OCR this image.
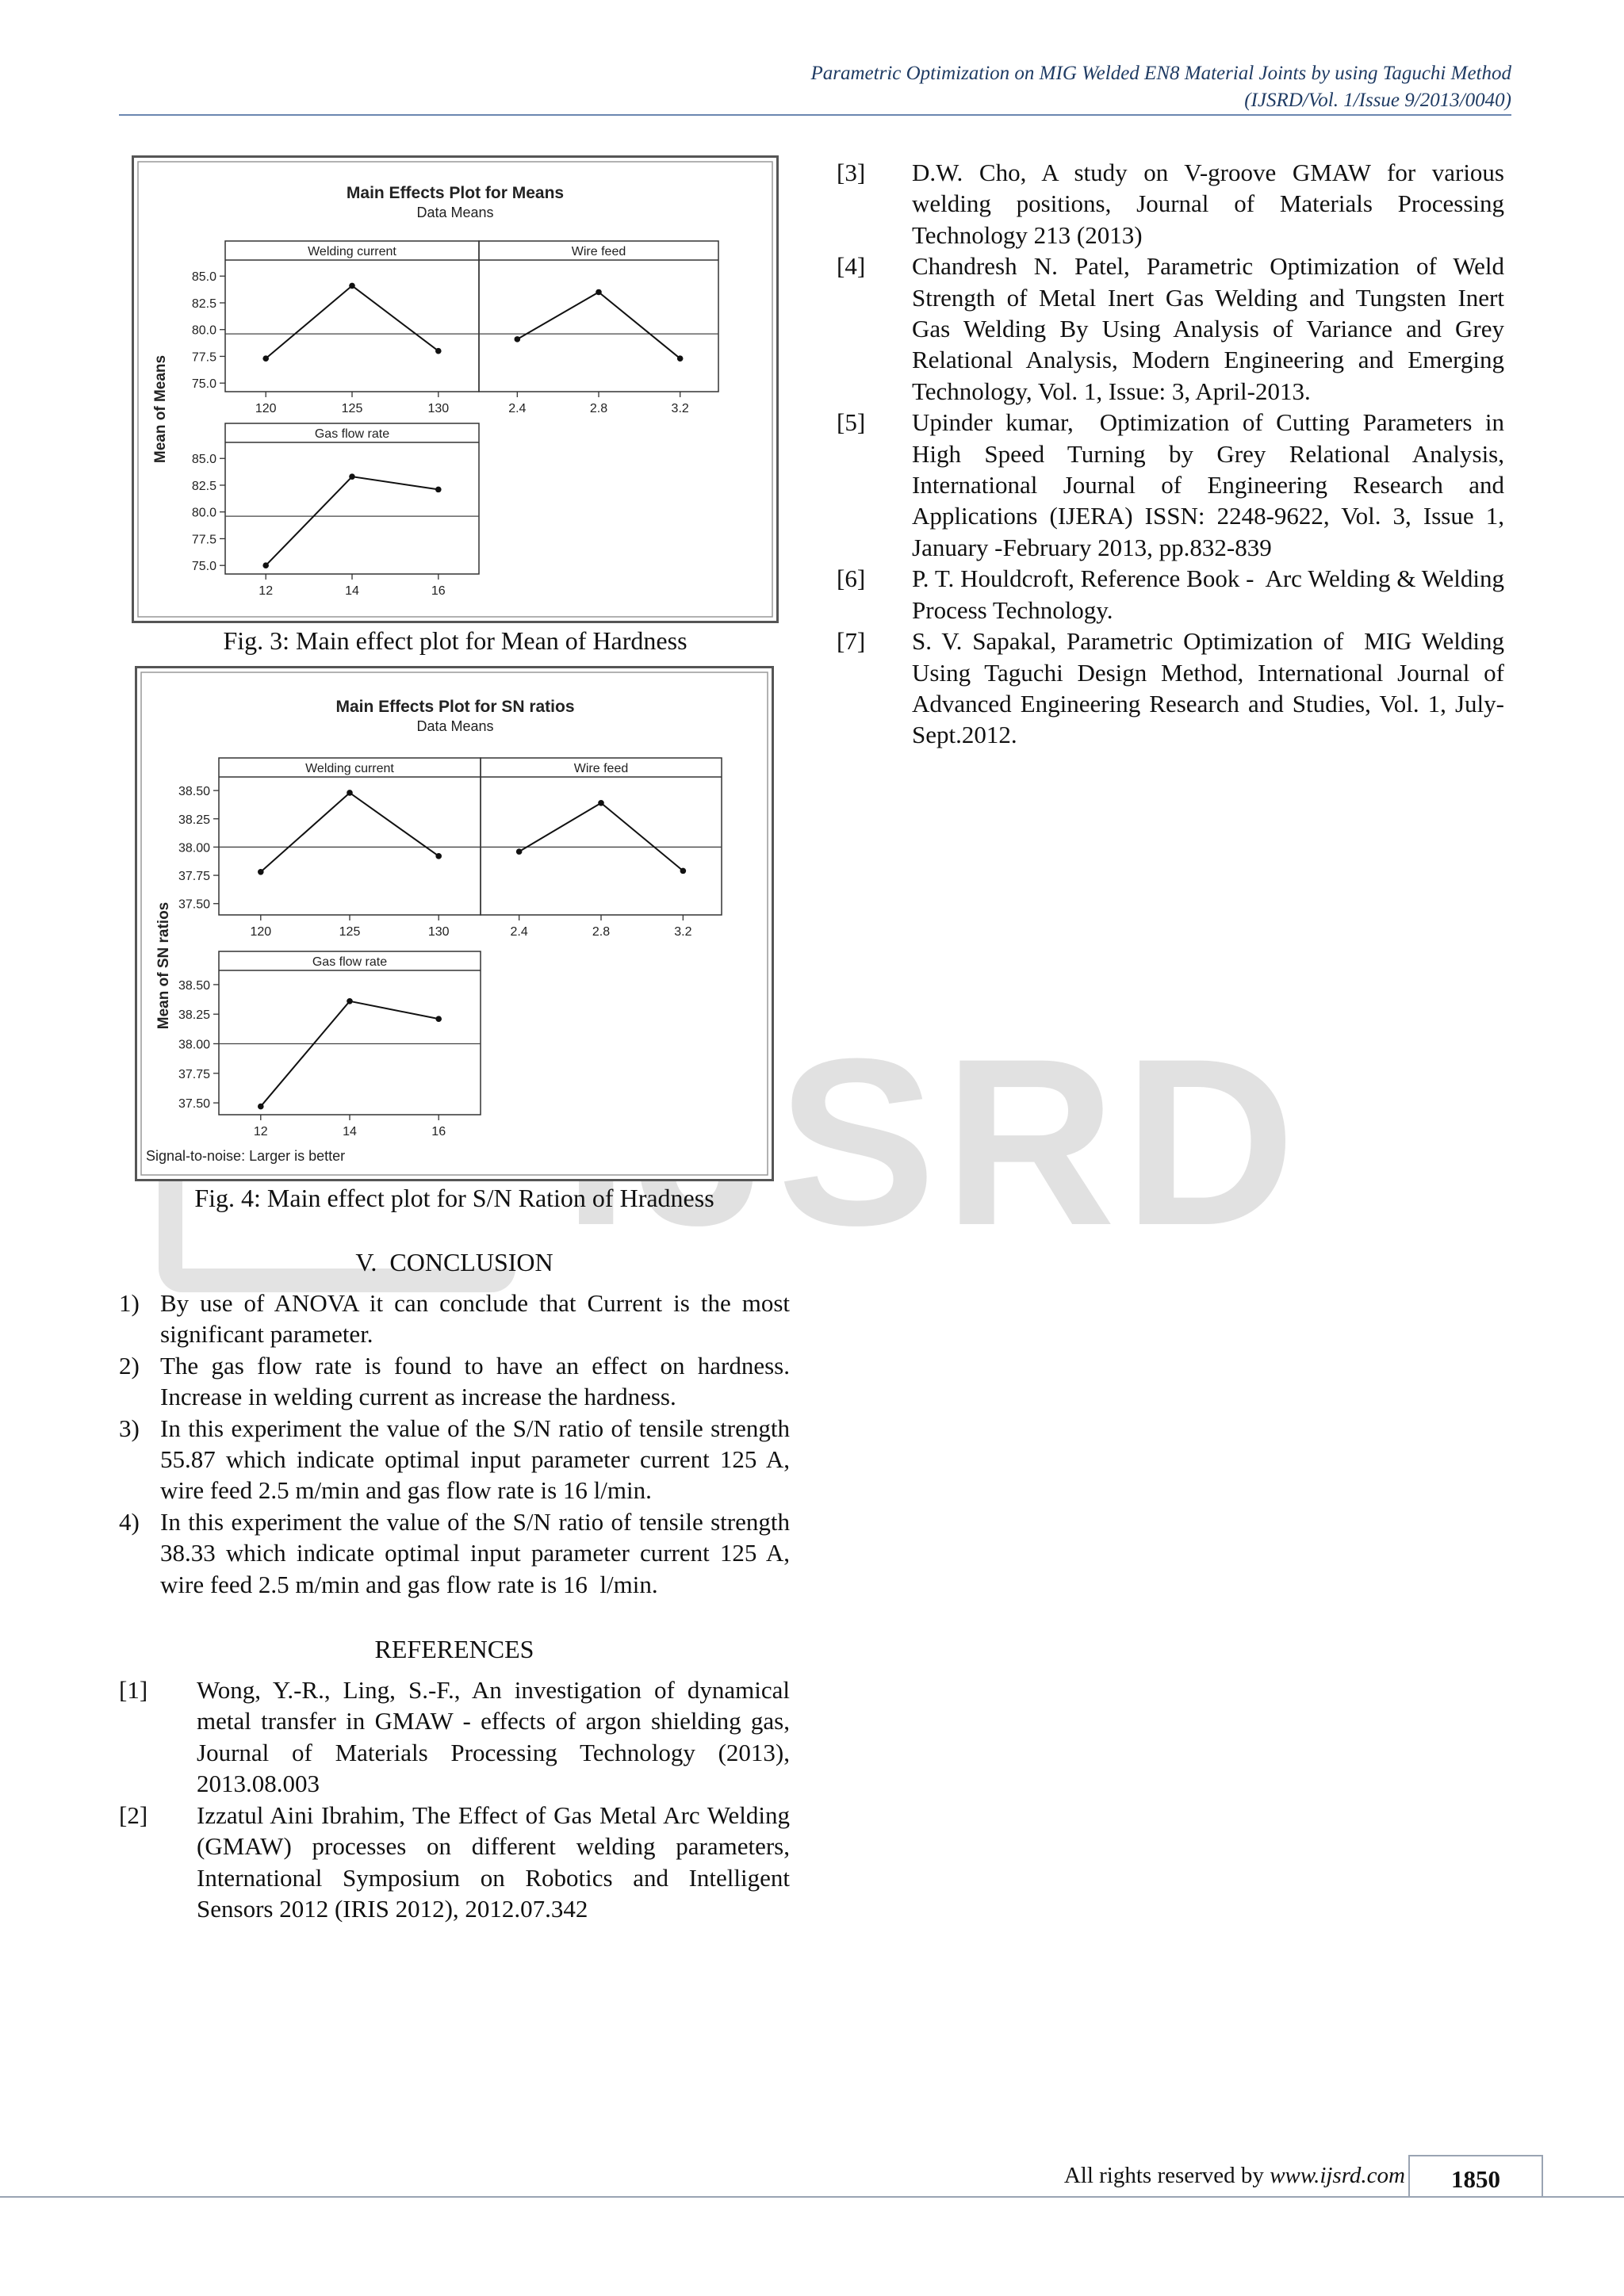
Parametric Optimization on MIG Welded EN8 Material Joints by using Taguchi Method
(IJSRD/Vol. 1/Issue 9/2013/0040)
IJSRD
Main Effects Plot for Means
Data Means
Mean of Means
Welding current
75.0
77.5
80.0
82.5
85.0
120	125	130
Wire feed
2.4	2.8	3.2
Gas flow rate
75.0
77.5
80.0
82.5
85.0
12	14	16
Fig. 3: Main effect plot for Mean of Hardness
Main Effects Plot for SN ratios
Data Means
Mean of SN ratios
Welding current
37.50
37.75
38.00
38.25
38.50
120	125	130
Wire feed
2.4	2.8	3.2
Gas flow rate
37.50
37.75
38.00
38.25
38.50
12	14	16
Signal-to-noise: Larger is better
Fig. 4: Main effect plot for S/N Ration of Hradness
V.  CONCLUSION
1) By use of ANOVA it can conclude that Current is the most significant parameter.
2) The gas flow rate is found to have an effect on hardness. Increase in welding current as increase the hardness.
3) In this experiment the value of the S/N ratio of tensile strength 55.87 which indicate optimal input parameter current 125 A, wire feed 2.5 m/min and gas flow rate is 16 l/min.
4) In this experiment the value of the S/N ratio of tensile strength 38.33 which indicate optimal input parameter current 125 A, wire feed 2.5 m/min and gas flow rate is 16  l/min.
REFERENCES
[1] Wong, Y.-R., Ling, S.-F., An investigation of dynamical metal transfer in GMAW - effects of argon shielding gas, Journal of Materials Processing Technology (2013), 2013.08.003
[2] Izzatul Aini Ibrahim, The Effect of Gas Metal Arc Welding (GMAW) processes on different welding parameters, International Symposium on Robotics and Intelligent Sensors 2012 (IRIS 2012), 2012.07.342
[3] D.W. Cho, A study on V-groove GMAW for various welding positions, Journal of Materials Processing Technology 213 (2013)
[4] Chandresh N. Patel, Parametric Optimization of Weld Strength of Metal Inert Gas Welding and Tungsten Inert Gas Welding By Using Analysis of Variance and Grey Relational Analysis, Modern Engineering and Emerging Technology, Vol. 1, Issue: 3, April-2013.
[5] Upinder kumar,  Optimization of Cutting Parameters in High Speed Turning by Grey Relational Analysis, International Journal of Engineering Research and Applications (IJERA) ISSN: 2248-9622, Vol. 3, Issue 1, January -February 2013, pp.832-839
[6] P. T. Houldcroft, Reference Book -  Arc Welding & Welding Process Technology.
[7] S. V. Sapakal, Parametric Optimization of  MIG Welding Using Taguchi Design Method, International Journal of Advanced Engineering Research and Studies, Vol. 1, July-Sept.2012.
All rights reserved by www.ijsrd.com	1850
